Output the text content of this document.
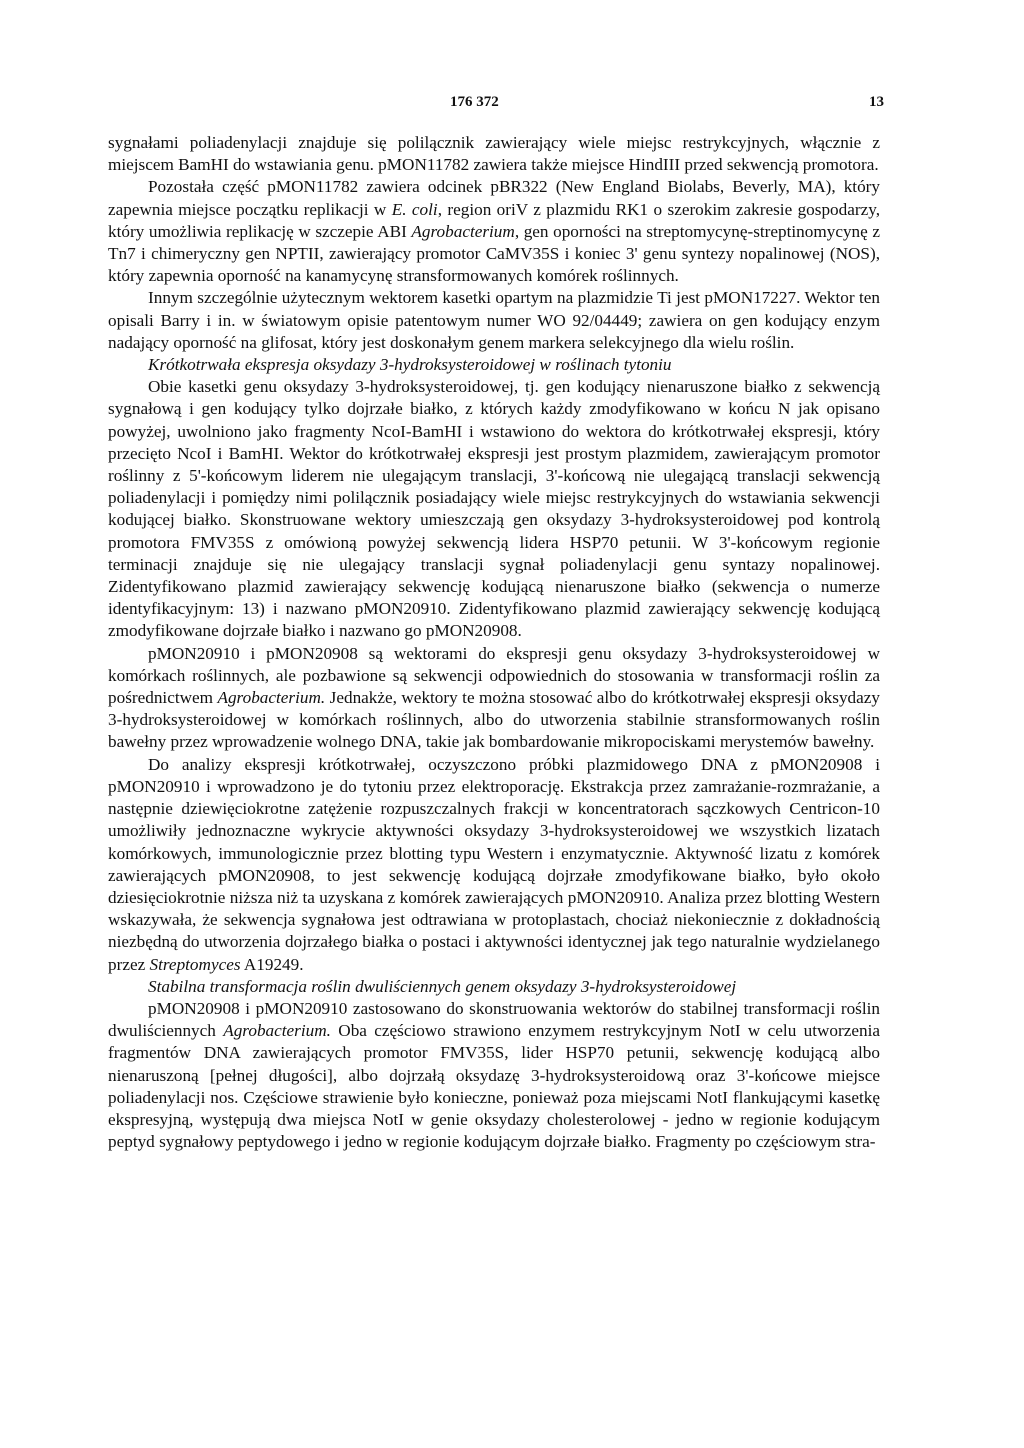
176 372	13

sygnałami poliadenylacji znajduje się polilącznik zawierający wiele miejsc restrykcyjnych, włącznie z miejscem BamHI do wstawiania genu. pMON11782 zawiera także miejsce HindIII przed sekwencją promotora.

Pozostała część pMON11782 zawiera odcinek pBR322 (New England Biolabs, Beverly, MA), który zapewnia miejsce początku replikacji w E. coli, region oriV z plazmidu RK1 o szerokim zakresie gospodarzy, który umożliwia replikację w szczepie ABI Agrobacterium, gen oporności na streptomycynę-streptinomycynę z Tn7 i chimeryczny gen NPTII, zawierający promotor CaMV35S i koniec 3' genu syntezy nopalinowej (NOS), który zapewnia oporność na kanamycynę stransformowanych komórek roślinnych.

Innym szczególnie użytecznym wektorem kasetki opartym na plazmidzie Ti jest pMON17227. Wektor ten opisali Barry i in. w światowym opisie patentowym numer WO 92/04449; zawiera on gen kodujący enzym nadający oporność na glifosat, który jest doskonałym genem markera selekcyjnego dla wielu roślin.

Krótkotrwała ekspresja oksydazy 3-hydroksysteroidowej w roślinach tytoniu

Obie kasetki genu oksydazy 3-hydroksysteroidowej, tj. gen kodujący nienaruszone białko z sekwencją sygnałową i gen kodujący tylko dojrzałe białko, z których każdy zmodyfikowano w końcu N jak opisano powyżej, uwolniono jako fragmenty NcoI-BamHI i wstawiono do wektora do krótkotrwałej ekspresji, który przecięto NcoI i BamHI. Wektor do krótkotrwałej ekspresji jest prostym plazmidem, zawierającym promotor roślinny z 5'-końcowym liderem nie ulegającym translacji, 3'-końcową nie ulegającą translacji sekwencją poliadenylacji i pomiędzy nimi polilącznik posiadający wiele miejsc restrykcyjnych do wstawiania sekwencji kodującej białko. Skonstruowane wektory umieszczają gen oksydazy 3-hydroksysteroidowej pod kontrolą promotora FMV35S z omówioną powyżej sekwencją lidera HSP70 petunii. W 3'-końcowym regionie terminacji znajduje się nie ulegający translacji sygnał poliadenylacji genu syntazy nopalinowej. Zidentyfikowano plazmid zawierający sekwencję kodującą nienaruszone białko (sekwencja o numerze identyfikacyjnym: 13) i nazwano pMON20910. Zidentyfikowano plazmid zawierający sekwencję kodującą zmodyfikowane dojrzałe białko i nazwano go pMON20908.

pMON20910 i pMON20908 są wektorami do ekspresji genu oksydazy 3-hydroksysteroidowej w komórkach roślinnych, ale pozbawione są sekwencji odpowiednich do stosowania w transformacji roślin za pośrednictwem Agrobacterium. Jednakże, wektory te można stosować albo do krótkotrwałej ekspresji oksydazy 3-hydroksysteroidowej w komórkach roślinnych, albo do utworzenia stabilnie stransformowanych roślin bawełny przez wprowadzenie wolnego DNA, takie jak bombardowanie mikropociskami merystemów bawełny.

Do analizy ekspresji krótkotrwałej, oczyszczono próbki plazmidowego DNA z pMON20908 i pMON20910 i wprowadzono je do tytoniu przez elektroporację. Ekstrakcja przez zamrażanie-rozmrażanie, a następnie dziewięciokrotne zatężenie rozpuszczalnych frakcji w koncentratorach sączkowych Centricon-10 umożliwiły jednoznaczne wykrycie aktywności oksydazy 3-hydroksysteroidowej we wszystkich lizatach komórkowych, immunologicznie przez blotting typu Western i enzymatycznie. Aktywność lizatu z komórek zawierających pMON20908, to jest sekwencję kodującą dojrzałe zmodyfikowane białko, było około dziesięciokrotnie niższa niż ta uzyskana z komórek zawierających pMON20910. Analiza przez blotting Western wskazywała, że sekwencja sygnałowa jest odtrawiana w protoplastach, chociaż niekoniecznie z dokładnością niezbędną do utworzenia dojrzałego białka o postaci i aktywności identycznej jak tego naturalnie wydzielanego przez Streptomyces A19249.

Stabilna transformacja roślin dwuliściennych genem oksydazy 3-hydroksysteroidowej

pMON20908 i pMON20910 zastosowano do skonstruowania wektorów do stabilnej transformacji roślin dwuliściennych Agrobacterium. Oba częściowo strawiono enzymem restrykcyjnym NotI w celu utworzenia fragmentów DNA zawierających promotor FMV35S, lider HSP70 petunii, sekwencję kodującą albo nienaruszoną [pełnej długości], albo dojrzałą oksydazę 3-hydroksysteroidową oraz 3'-końcowe miejsce poliadenylacji nos. Częściowe strawienie było konieczne, ponieważ poza miejscami NotI flankującymi kasetkę ekspresyjną, występują dwa miejsca NotI w genie oksydazy cholesterolowej - jedno w regionie kodującym peptyd sygnałowy peptydowego i jedno w regionie kodującym dojrzałe białko. Fragmenty po częściowym stra-
